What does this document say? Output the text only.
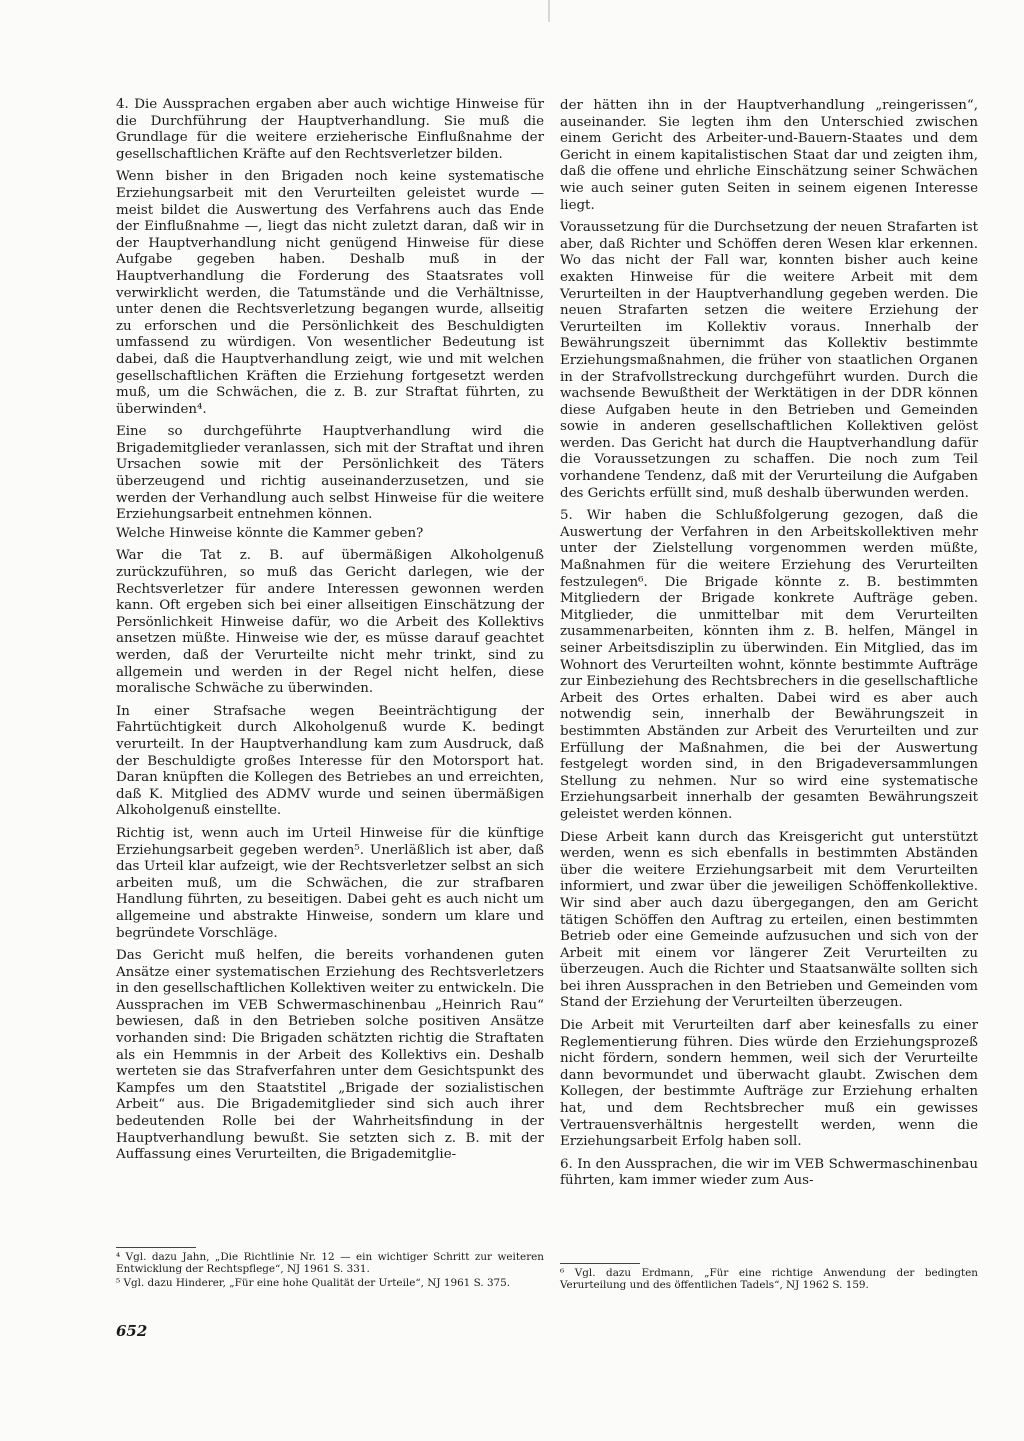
4. Die Aussprachen ergaben aber auch wichtige Hinweise für die Durchführung der Hauptverhandlung. Sie muß die Grundlage für die weitere erzieherische Einflußnahme der gesellschaftlichen Kräfte auf den Rechtsverletzer bilden.

Wenn bisher in den Brigaden noch keine systematische Erziehungsarbeit mit den Verurteilten geleistet wurde — meist bildet die Auswertung des Verfahrens auch das Ende der Einflußnahme —, liegt das nicht zuletzt daran, daß wir in der Hauptverhandlung nicht genügend Hinweise für diese Aufgabe gegeben haben. Deshalb muß in der Hauptverhandlung die Forderung des Staatsrates voll verwirklicht werden, die Tatumstände und die Verhältnisse, unter denen die Rechtsverletzung begangen wurde, allseitig zu erforschen und die Persönlichkeit des Beschuldigten umfassend zu würdigen. Von wesentlicher Bedeutung ist dabei, daß die Hauptverhandlung zeigt, wie und mit welchen gesellschaftlichen Kräften die Erziehung fortgesetzt werden muß, um die Schwächen, die z. B. zur Straftat führten, zu überwinden⁴.

Eine so durchgeführte Hauptverhandlung wird die Brigademitglieder veranlassen, sich mit der Straftat und ihren Ursachen sowie mit der Persönlichkeit des Täters überzeugend und richtig auseinanderzusetzen, und sie werden der Verhandlung auch selbst Hinweise für die weitere Erziehungsarbeit entnehmen können.

Welche Hinweise könnte die Kammer geben?

War die Tat z. B. auf übermäßigen Alkoholgenuß zurückzuführen, so muß das Gericht darlegen, wie der Rechtsverletzer für andere Interessen gewonnen werden kann. Oft ergeben sich bei einer allseitigen Einschätzung der Persönlichkeit Hinweise dafür, wo die Arbeit des Kollektivs ansetzen müßte. Hinweise wie der, es müsse darauf geachtet werden, daß der Verurteilte nicht mehr trinkt, sind zu allgemein und werden in der Regel nicht helfen, diese moralische Schwäche zu überwinden.

In einer Strafsache wegen Beeinträchtigung der Fahrtüchtigkeit durch Alkoholgenuß wurde K. bedingt verurteilt. In der Hauptverhandlung kam zum Ausdruck, daß der Beschuldigte großes Interesse für den Motorsport hat. Daran knüpften die Kollegen des Betriebes an und erreichten, daß K. Mitglied des ADMV wurde und seinen übermäßigen Alkoholgenuß einstellte.

Richtig ist, wenn auch im Urteil Hinweise für die künftige Erziehungsarbeit gegeben werden⁵. Unerläßlich ist aber, daß das Urteil klar aufzeigt, wie der Rechtsverletzer selbst an sich arbeiten muß, um die Schwächen, die zur strafbaren Handlung führten, zu beseitigen. Dabei geht es auch nicht um allgemeine und abstrakte Hinweise, sondern um klare und begründete Vorschläge.

Das Gericht muß helfen, die bereits vorhandenen guten Ansätze einer systematischen Erziehung des Rechtsverletzers in den gesellschaftlichen Kollektiven weiter zu entwickeln. Die Aussprachen im VEB Schwermaschinenbau „Heinrich Rau“ bewiesen, daß in den Betrieben solche positiven Ansätze vorhanden sind: Die Brigaden schätzten richtig die Straftaten als ein Hemmnis in der Arbeit des Kollektivs ein. Deshalb werteten sie das Strafverfahren unter dem Gesichtspunkt des Kampfes um den Staatstitel „Brigade der sozialistischen Arbeit“ aus. Die Brigademitglieder sind sich auch ihrer bedeutenden Rolle bei der Wahrheitsfindung in der Hauptverhandlung bewußt. Sie setzten sich z. B. mit der Auffassung eines Verurteilten, die Brigademitglie-

der hätten ihn in der Hauptverhandlung „reingerissen“, auseinander. Sie legten ihm den Unterschied zwischen einem Gericht des Arbeiter-und-Bauern-Staates und dem Gericht in einem kapitalistischen Staat dar und zeigten ihm, daß die offene und ehrliche Einschätzung seiner Schwächen wie auch seiner guten Seiten in seinem eigenen Interesse liegt.

Voraussetzung für die Durchsetzung der neuen Strafarten ist aber, daß Richter und Schöffen deren Wesen klar erkennen. Wo das nicht der Fall war, konnten bisher auch keine exakten Hinweise für die weitere Arbeit mit dem Verurteilten in der Hauptverhandlung gegeben werden. Die neuen Strafarten setzen die weitere Erziehung der Verurteilten im Kollektiv voraus. Innerhalb der Bewährungszeit übernimmt das Kollektiv bestimmte Erziehungsmaßnahmen, die früher von staatlichen Organen in der Strafvollstreckung durchgeführt wurden. Durch die wachsende Bewußtheit der Werktätigen in der DDR können diese Aufgaben heute in den Betrieben und Gemeinden sowie in anderen gesellschaftlichen Kollektiven gelöst werden. Das Gericht hat durch die Hauptverhandlung dafür die Voraussetzungen zu schaffen. Die noch zum Teil vorhandene Tendenz, daß mit der Verurteilung die Aufgaben des Gerichts erfüllt sind, muß deshalb überwunden werden.

5. Wir haben die Schlußfolgerung gezogen, daß die Auswertung der Verfahren in den Arbeitskollektiven mehr unter der Zielstellung vorgenommen werden müßte, Maßnahmen für die weitere Erziehung des Verurteilten festzulegen⁶. Die Brigade könnte z. B. bestimmten Mitgliedern der Brigade konkrete Aufträge geben. Mitglieder, die unmittelbar mit dem Verurteilten zusammenarbeiten, könnten ihm z. B. helfen, Mängel in seiner Arbeitsdisziplin zu überwinden. Ein Mitglied, das im Wohnort des Verurteilten wohnt, könnte bestimmte Aufträge zur Einbeziehung des Rechtsbrechers in die gesellschaftliche Arbeit des Ortes erhalten. Dabei wird es aber auch notwendig sein, innerhalb der Bewährungszeit in bestimmten Abständen zur Arbeit des Verurteilten und zur Erfüllung der Maßnahmen, die bei der Auswertung festgelegt worden sind, in den Brigadeversammlungen Stellung zu nehmen. Nur so wird eine systematische Erziehungsarbeit innerhalb der gesamten Bewährungszeit geleistet werden können.

Diese Arbeit kann durch das Kreisgericht gut unterstützt werden, wenn es sich ebenfalls in bestimmten Abständen über die weitere Erziehungsarbeit mit dem Verurteilten informiert, und zwar über die jeweiligen Schöffenkollektive. Wir sind aber auch dazu übergegangen, den am Gericht tätigen Schöffen den Auftrag zu erteilen, einen bestimmten Betrieb oder eine Gemeinde aufzusuchen und sich von der Arbeit mit einem vor längerer Zeit Verurteilten zu überzeugen. Auch die Richter und Staatsanwälte sollten sich bei ihren Aussprachen in den Betrieben und Gemeinden vom Stand der Erziehung der Verurteilten überzeugen.

Die Arbeit mit Verurteilten darf aber keinesfalls zu einer Reglementierung führen. Dies würde den Erziehungsprozeß nicht fördern, sondern hemmen, weil sich der Verurteilte dann bevormundet und überwacht glaubt. Zwischen dem Kollegen, der bestimmte Aufträge zur Erziehung erhalten hat, und dem Rechtsbrecher muß ein gewisses Vertrauensverhältnis hergestellt werden, wenn die Erziehungsarbeit Erfolg haben soll.

6. In den Aussprachen, die wir im VEB Schwermaschinenbau führten, kam immer wieder zum Aus-

⁴ Vgl. dazu Jahn, „Die Richtlinie Nr. 12 — ein wichtiger Schritt zur weiteren Entwicklung der Rechtspflege“, NJ 1961 S. 331.

⁵ Vgl. dazu Hinderer, „Für eine hohe Qualität der Urteile“, NJ 1961 S. 375.

⁶ Vgl. dazu Erdmann, „Für eine richtige Anwendung der bedingten Verurteilung und des öffentlichen Tadels“, NJ 1962 S. 159.

652
